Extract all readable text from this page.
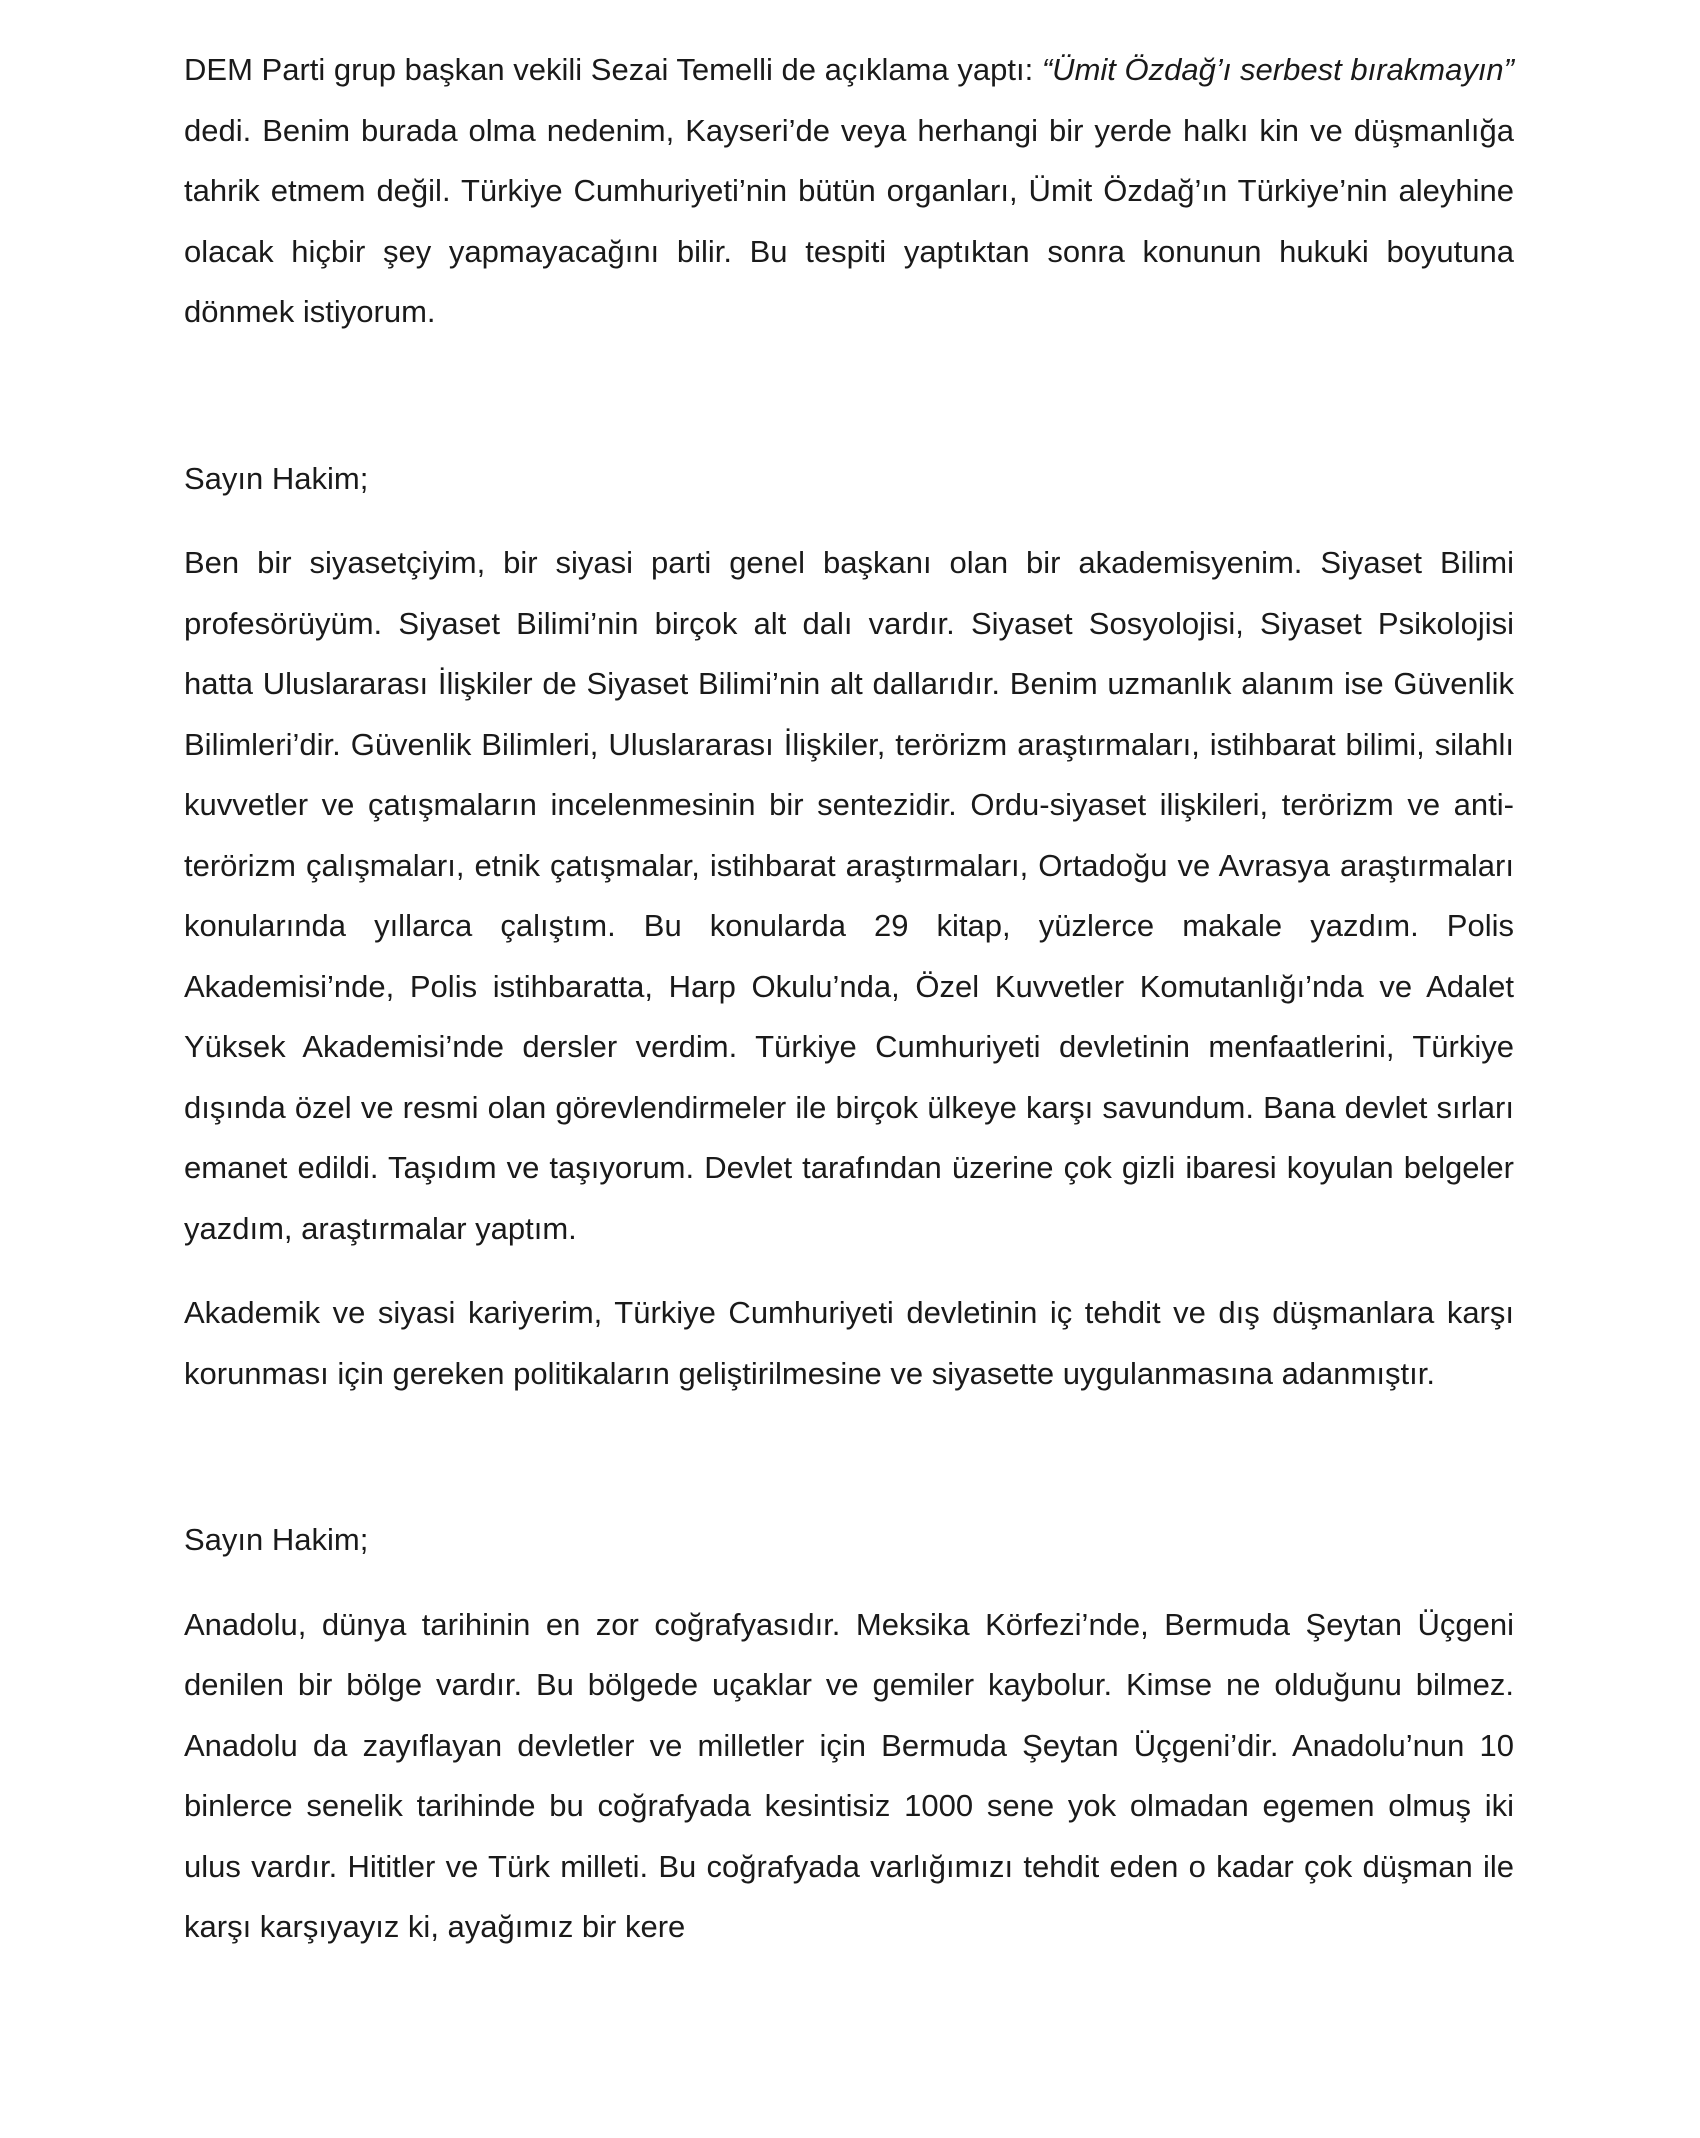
DEM Parti grup başkan vekili Sezai Temelli de açıklama yaptı: “Ümit Özdağ’ı serbest bırakmayın” dedi. Benim burada olma nedenim, Kayseri’de veya herhangi bir yerde halkı kin ve düşmanlığa tahrik etmem değil. Türkiye Cumhuriyeti’nin bütün organları, Ümit Özdağ’ın Türkiye’nin aleyhine olacak hiçbir şey yapmayacağını bilir. Bu tespiti yaptıktan sonra konunun hukuki boyutuna dönmek istiyorum.

Sayın Hakim;

Ben bir siyasetçiyim, bir siyasi parti genel başkanı olan bir akademisyenim. Siyaset Bilimi profesörüyüm. Siyaset Bilimi’nin birçok alt dalı vardır. Siyaset Sosyolojisi, Siyaset Psikolojisi hatta Uluslararası İlişkiler de Siyaset Bilimi’nin alt dallarıdır. Benim uzmanlık alanım ise Güvenlik Bilimleri’dir. Güvenlik Bilimleri, Uluslararası İlişkiler, terörizm araştırmaları, istihbarat bilimi, silahlı kuvvetler ve çatışmaların incelenmesinin bir sentezidir. Ordu-siyaset ilişkileri, terörizm ve anti-terörizm çalışmaları, etnik çatışmalar, istihbarat araştırmaları, Ortadoğu ve Avrasya araştırmaları konularında yıllarca çalıştım. Bu konularda 29 kitap, yüzlerce makale yazdım. Polis Akademisi’nde, Polis istihbaratta, Harp Okulu’nda, Özel Kuvvetler Komutanlığı’nda ve Adalet Yüksek Akademisi’nde dersler verdim. Türkiye Cumhuriyeti devletinin menfaatlerini, Türkiye dışında özel ve resmi olan görevlendirmeler ile birçok ülkeye karşı savundum. Bana devlet sırları emanet edildi. Taşıdım ve taşıyorum. Devlet tarafından üzerine çok gizli ibaresi koyulan belgeler yazdım, araştırmalar yaptım.

Akademik ve siyasi kariyerim, Türkiye Cumhuriyeti devletinin iç tehdit ve dış düşmanlara karşı korunması için gereken politikaların geliştirilmesine ve siyasette uygulanmasına adanmıştır.

Sayın Hakim;

Anadolu, dünya tarihinin en zor coğrafyasıdır. Meksika Körfezi’nde, Bermuda Şeytan Üçgeni denilen bir bölge vardır. Bu bölgede uçaklar ve gemiler kaybolur. Kimse ne olduğunu bilmez. Anadolu da zayıflayan devletler ve milletler için Bermuda Şeytan Üçgeni’dir. Anadolu’nun 10 binlerce senelik tarihinde bu coğrafyada kesintisiz 1000 sene yok olmadan egemen olmuş iki ulus vardır. Hititler ve Türk milleti. Bu coğrafyada varlığımızı tehdit eden o kadar çok düşman ile karşı karşıyayız ki, ayağımız bir kere
